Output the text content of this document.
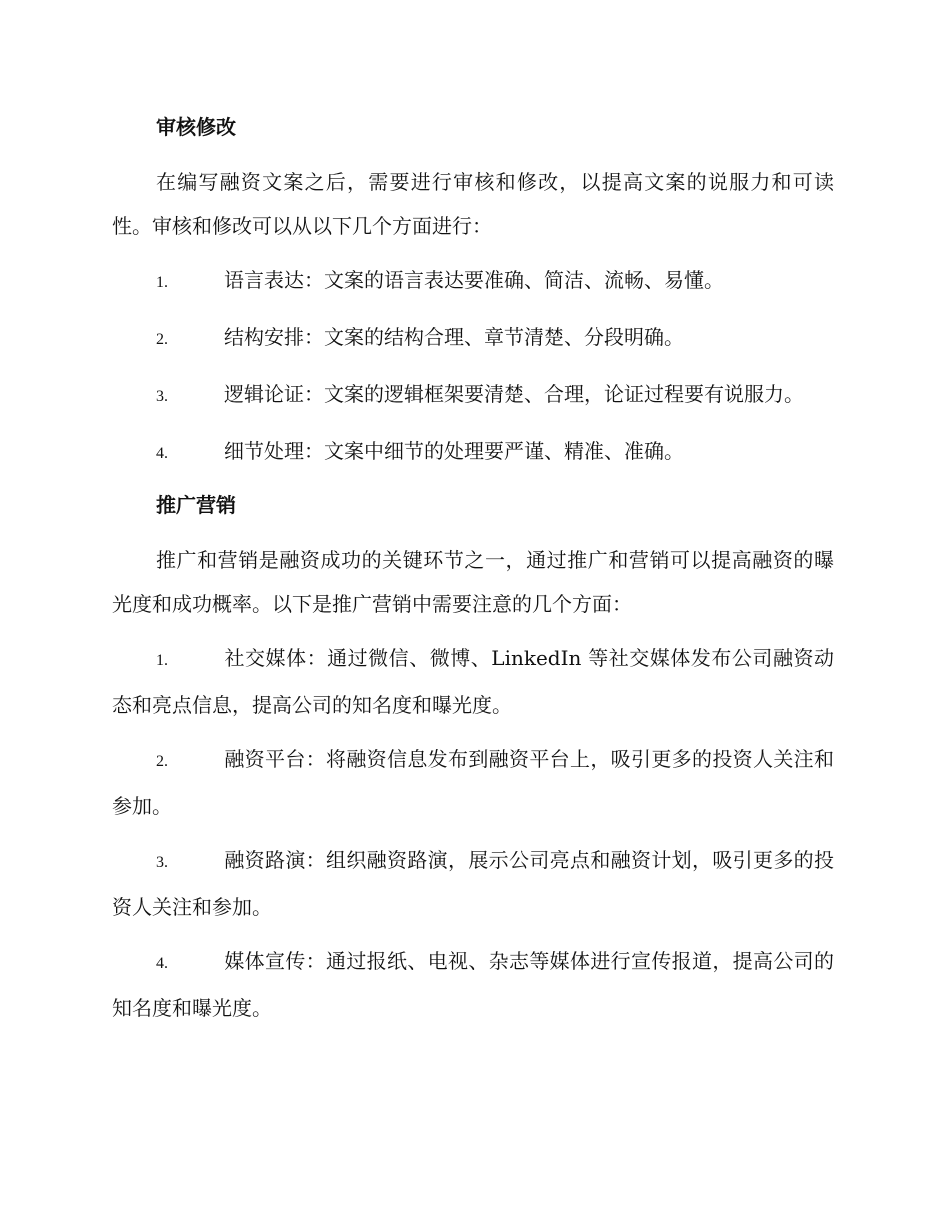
审核修改
在编写融资文案之后，需要进行审核和修改，以提高文案的说服力和可读性。审核和修改可以从以下几个方面进行：
1.	语言表达：文案的语言表达要准确、简洁、流畅、易懂。
2.	结构安排：文案的结构合理、章节清楚、分段明确。
3.	逻辑论证：文案的逻辑框架要清楚、合理，论证过程要有说服力。
4.	细节处理：文案中细节的处理要严谨、精准、准确。
推广营销
推广和营销是融资成功的关键环节之一，通过推广和营销可以提高融资的曝光度和成功概率。以下是推广营销中需要注意的几个方面：
1.	社交媒体：通过微信、微博、LinkedIn 等社交媒体发布公司融资动态和亮点信息，提高公司的知名度和曝光度。
2.	融资平台：将融资信息发布到融资平台上，吸引更多的投资人关注和参加。
3.	融资路演：组织融资路演，展示公司亮点和融资计划，吸引更多的投资人关注和参加。
4.	媒体宣传：通过报纸、电视、杂志等媒体进行宣传报道，提高公司的知名度和曝光度。
